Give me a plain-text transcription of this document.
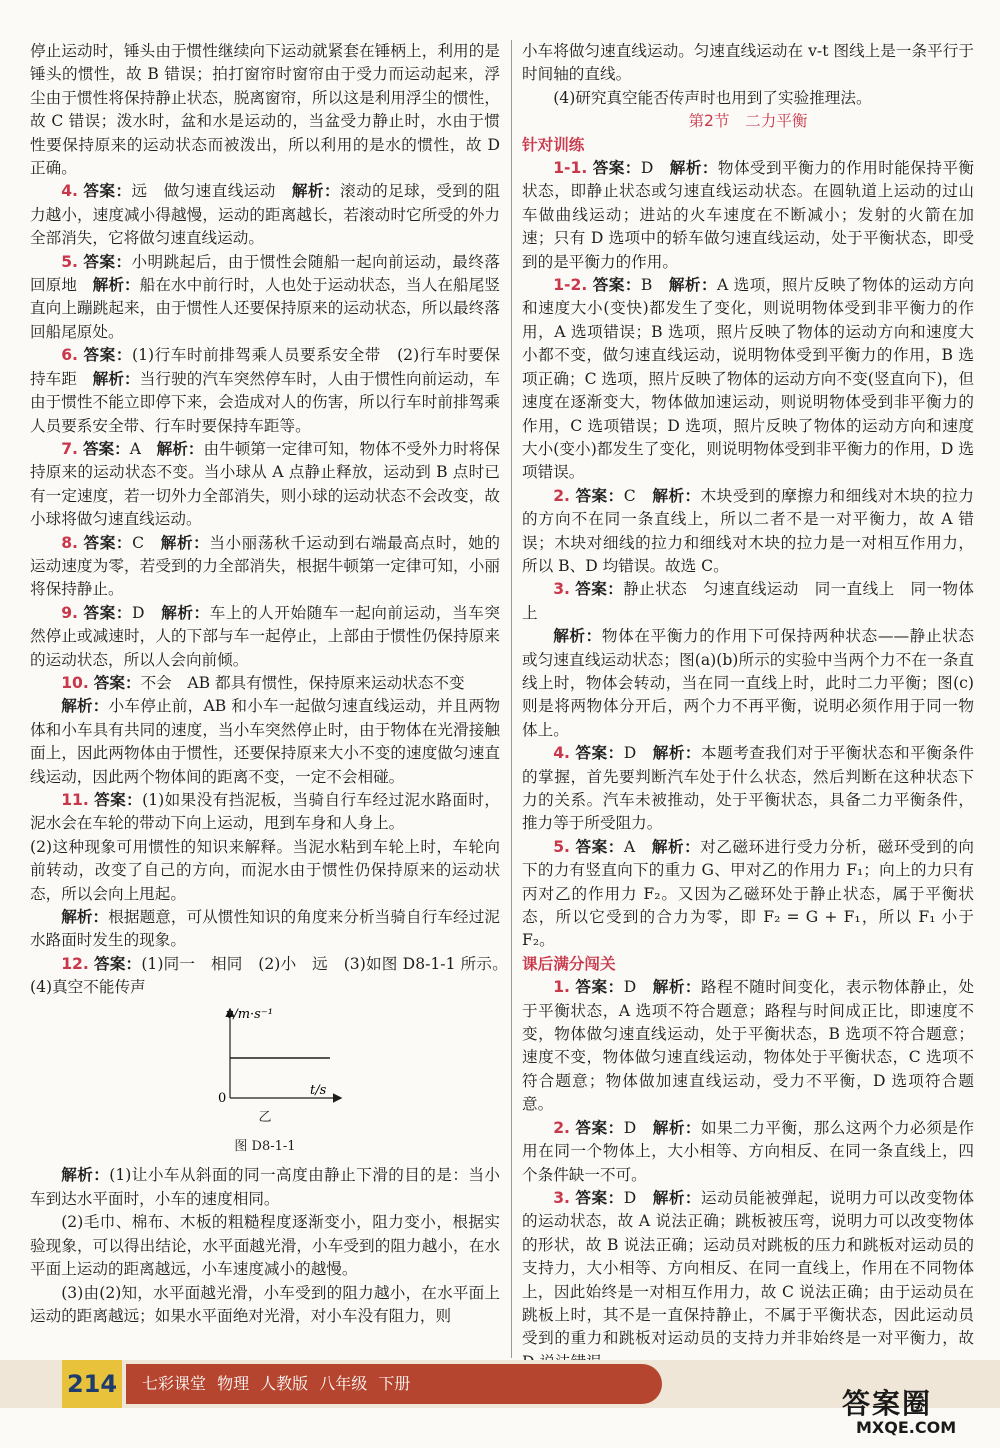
停止运动时，锤头由于惯性继续向下运动就紧套在锤柄上，利用的是锤头的惯性，故 B 错误；拍打窗帘时窗帘由于受力而运动起来，浮尘由于惯性将保持静止状态，脱离窗帘，所以这是利用浮尘的惯性，故 C 错误；泼水时，盆和水是运动的，当盆受力静止时，水由于惯性要保持原来的运动状态而被泼出，所以利用的是水的惯性，故 D 正确。

4. 答案：远　做匀速直线运动　解析：滚动的足球，受到的阻力越小，速度减小得越慢，运动的距离越长，若滚动时它所受的外力全部消失，它将做匀速直线运动。

5. 答案：小明跳起后，由于惯性会随船一起向前运动，最终落回原地　解析：船在水中前行时，人也处于运动状态，当人在船尾竖直向上蹦跳起来，由于惯性人还要保持原来的运动状态，所以最终落回船尾原处。

6. 答案：(1)行车时前排驾乘人员要系安全带　(2)行车时要保持车距　解析：当行驶的汽车突然停车时，人由于惯性向前运动，车由于惯性不能立即停下来，会造成对人的伤害，所以行车时前排驾乘人员要系安全带、行车时要保持车距等。

7. 答案：A　解析：由牛顿第一定律可知，物体不受外力时将保持原来的运动状态不变。当小球从 A 点静止释放，运动到 B 点时已有一定速度，若一切外力全部消失，则小球的运动状态不会改变，故小球将做匀速直线运动。

8. 答案：C　解析：当小丽荡秋千运动到右端最高点时，她的运动速度为零，若受到的力全部消失，根据牛顿第一定律可知，小丽将保持静止。

9. 答案：D　解析：车上的人开始随车一起向前运动，当车突然停止或减速时，人的下部与车一起停止，上部由于惯性仍保持原来的运动状态，所以人会向前倾。

10. 答案：不会　AB 都具有惯性，保持原来运动状态不变

解析：小车停止前，AB 和小车一起做匀速直线运动，并且两物体和小车具有共同的速度，当小车突然停止时，由于物体在光滑接触面上，因此两物体由于惯性，还要保持原来大小不变的速度做匀速直线运动，因此两个物体间的距离不变，一定不会相碰。

11. 答案：(1)如果没有挡泥板，当骑自行车经过泥水路面时，泥水会在车轮的带动下向上运动，甩到车身和人身上。

(2)这种现象可用惯性的知识来解释。当泥水粘到车轮上时，车轮向前转动，改变了自己的方向，而泥水由于惯性仍保持原来的运动状态，所以会向上甩起。

解析：根据题意，可从惯性知识的角度来分析当骑自行车经过泥水路面时发生的现象。

12. 答案：(1)同一　相同　(2)小　远　(3)如图 D8-1-1 所示。　(4)真空不能传声

v/m·s⁻¹
t/s
0

乙

图 D8-1-1

解析：(1)让小车从斜面的同一高度由静止下滑的目的是：当小车到达水平面时，小车的速度相同。

(2)毛巾、棉布、木板的粗糙程度逐渐变小，阻力变小，根据实验现象，可以得出结论，水平面越光滑，小车受到的阻力越小，在水平面上运动的距离越远，小车速度减小的越慢。

(3)由(2)知，水平面越光滑，小车受到的阻力越小，在水平面上运动的距离越远；如果水平面绝对光滑，对小车没有阻力，则

小车将做匀速直线运动。匀速直线运动在 v-t 图线上是一条平行于时间轴的直线。

(4)研究真空能否传声时也用到了实验推理法。

第2节　二力平衡

针对训练

1-1. 答案：D　解析：物体受到平衡力的作用时能保持平衡状态，即静止状态或匀速直线运动状态。在圆轨道上运动的过山车做曲线运动；进站的火车速度在不断减小；发射的火箭在加速；只有 D 选项中的轿车做匀速直线运动，处于平衡状态，即受到的是平衡力的作用。

1-2. 答案：B　解析：A 选项，照片反映了物体的运动方向和速度大小(变快)都发生了变化，则说明物体受到非平衡力的作用，A 选项错误；B 选项，照片反映了物体的运动方向和速度大小都不变，做匀速直线运动，说明物体受到平衡力的作用，B 选项正确；C 选项，照片反映了物体的运动方向不变(竖直向下)，但速度在逐渐变大，物体做加速运动，则说明物体受到非平衡力的作用，C 选项错误；D 选项，照片反映了物体的运动方向和速度大小(变小)都发生了变化，则说明物体受到非平衡力的作用，D 选项错误。

2. 答案：C　解析：木块受到的摩擦力和细线对木块的拉力的方向不在同一条直线上，所以二者不是一对平衡力，故 A 错误；木块对细线的拉力和细线对木块的拉力是一对相互作用力，所以 B、D 均错误。故选 C。

3. 答案：静止状态　匀速直线运动　同一直线上　同一物体上

解析：物体在平衡力的作用下可保持两种状态——静止状态或匀速直线运动状态；图(a)(b)所示的实验中当两个力不在一条直线上时，物体会转动，当在同一直线上时，此时二力平衡；图(c)则是将两物体分开后，两个力不再平衡，说明必须作用于同一物体上。

4. 答案：D　解析：本题考查我们对于平衡状态和平衡条件的掌握，首先要判断汽车处于什么状态，然后判断在这种状态下力的关系。汽车未被推动，处于平衡状态，具备二力平衡条件，推力等于所受阻力。

5. 答案：A　解析：对乙磁环进行受力分析，磁环受到的向下的力有竖直向下的重力 G、甲对乙的作用力 F₁；向上的力只有丙对乙的作用力 F₂。又因为乙磁环处于静止状态，属于平衡状态，所以它受到的合力为零，即 F₂ = G + F₁，所以 F₁ 小于 F₂。

课后满分闯关

1. 答案：D　解析：路程不随时间变化，表示物体静止，处于平衡状态，A 选项不符合题意；路程与时间成正比，即速度不变，物体做匀速直线运动，处于平衡状态，B 选项不符合题意；速度不变，物体做匀速直线运动，物体处于平衡状态，C 选项不符合题意；物体做加速直线运动，受力不平衡，D 选项符合题意。

2. 答案：D　解析：如果二力平衡，那么这两个力必须是作用在同一个物体上，大小相等、方向相反、在同一条直线上，四个条件缺一不可。

3. 答案：D　解析：运动员能被弹起，说明力可以改变物体的运动状态，故 A 说法正确；跳板被压弯，说明力可以改变物体的形状，故 B 说法正确；运动员对跳板的压力和跳板对运动员的支持力，大小相等、方向相反、在同一直线上，作用在不同物体上，因此始终是一对相互作用力，故 C 说法正确；由于运动员在跳板上时，其不是一直保持静止，不属于平衡状态，因此运动员受到的重力和跳板对运动员的支持力并非始终是一对平衡力，故

214	七彩课堂 物理 人教版 八年级 下册
答案圈
MXQE.COM
